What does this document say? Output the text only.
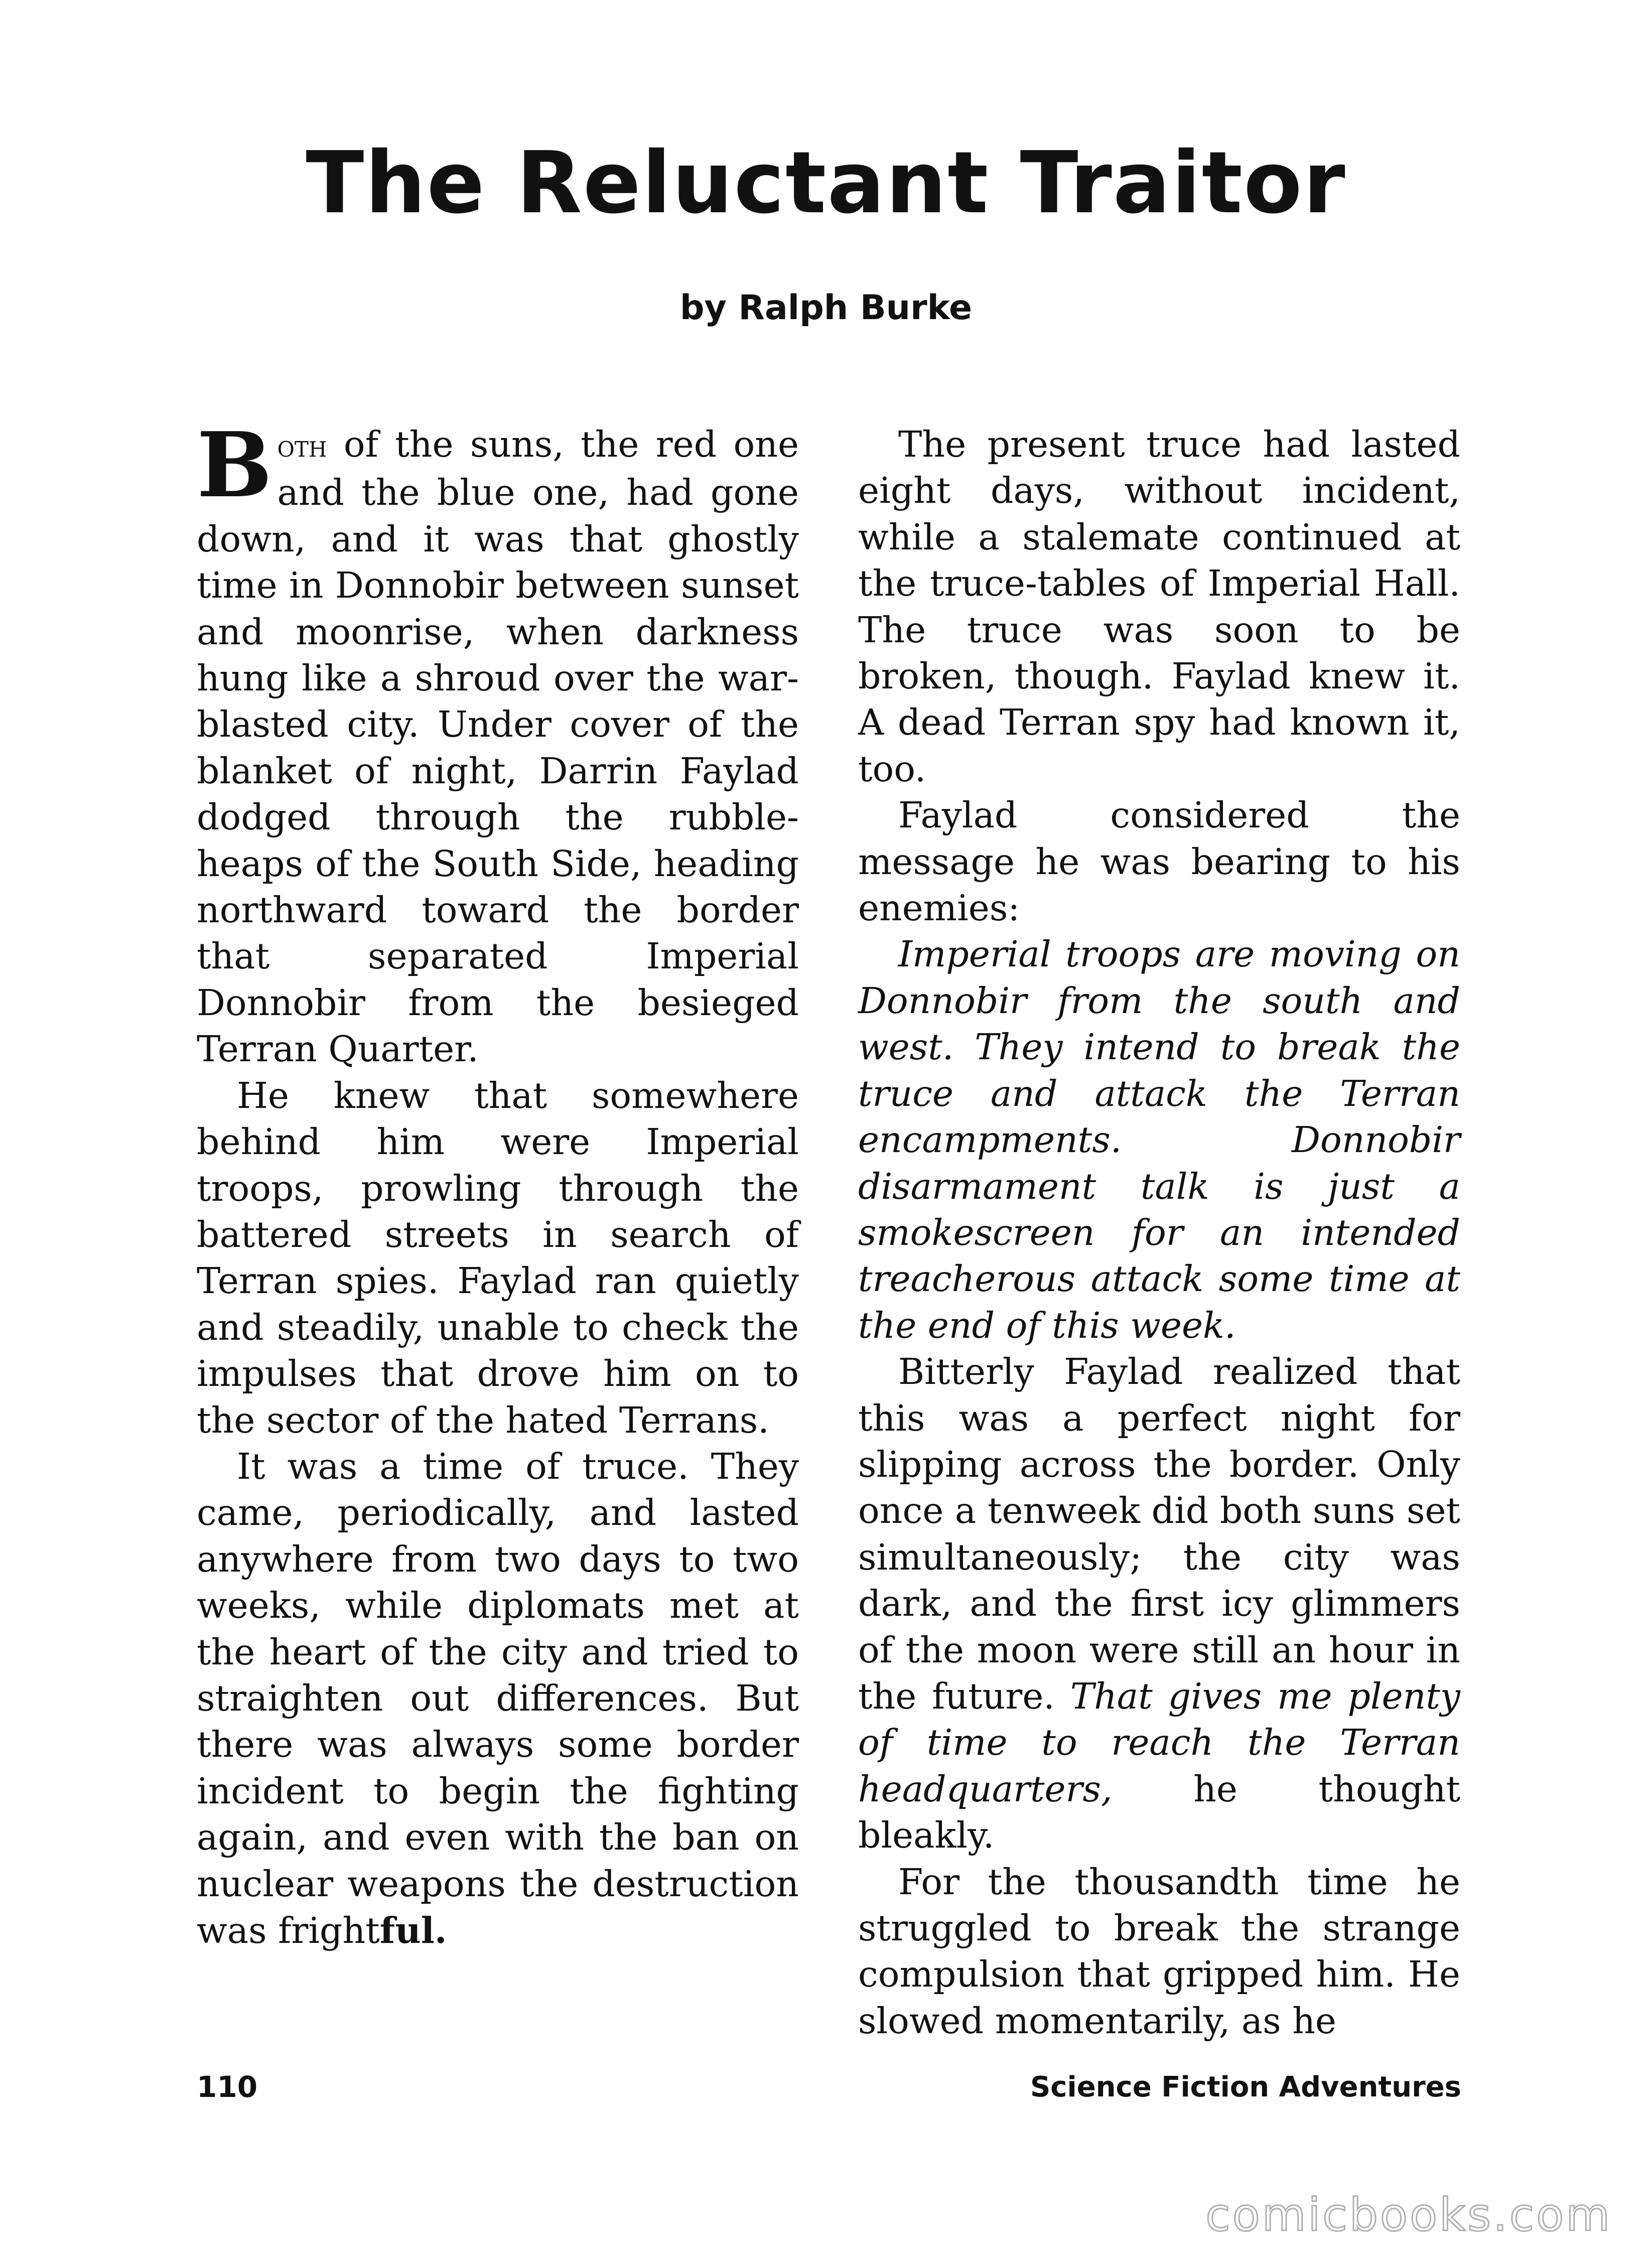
The Reluctant Traitor
by Ralph Burke

Both of the suns, the red one and the blue one, had gone down, and it was that ghostly time in Donnobir between sunset and moonrise, when darkness hung like a shroud over the war-blasted city. Under cover of the blanket of night, Darrin Faylad dodged through the rubble-heaps of the South Side, heading northward toward the border that separated Imperial Donnobir from the besieged Terran Quarter.

He knew that somewhere behind him were Imperial troops, prowling through the battered streets in search of Terran spies. Faylad ran quietly and steadily, unable to check the impulses that drove him on to the sector of the hated Terrans.

It was a time of truce. They came, periodically, and lasted anywhere from two days to two weeks, while diplomats met at the heart of the city and tried to straighten out differences. But there was always some border incident to begin the fighting again, and even with the ban on nuclear weapons the destruction was frightful.

The present truce had lasted eight days, without incident, while a stalemate continued at the truce-tables of Imperial Hall. The truce was soon to be broken, though. Faylad knew it. A dead Terran spy had known it, too.

Faylad considered the message he was bearing to his enemies:

Imperial troops are moving on Donnobir from the south and west. They intend to break the truce and attack the Terran encampments. Donnobir disarmament talk is just a smokescreen for an intended treacherous attack some time at the end of this week.

Bitterly Faylad realized that this was a perfect night for slipping across the border. Only once a tenweek did both suns set simultaneously; the city was dark, and the first icy glimmers of the moon were still an hour in the future. That gives me plenty of time to reach the Terran headquarters, he thought bleakly.

For the thousandth time he struggled to break the strange compulsion that gripped him. He slowed momentarily, as he

110	Science Fiction Adventures
comicbooks.com
